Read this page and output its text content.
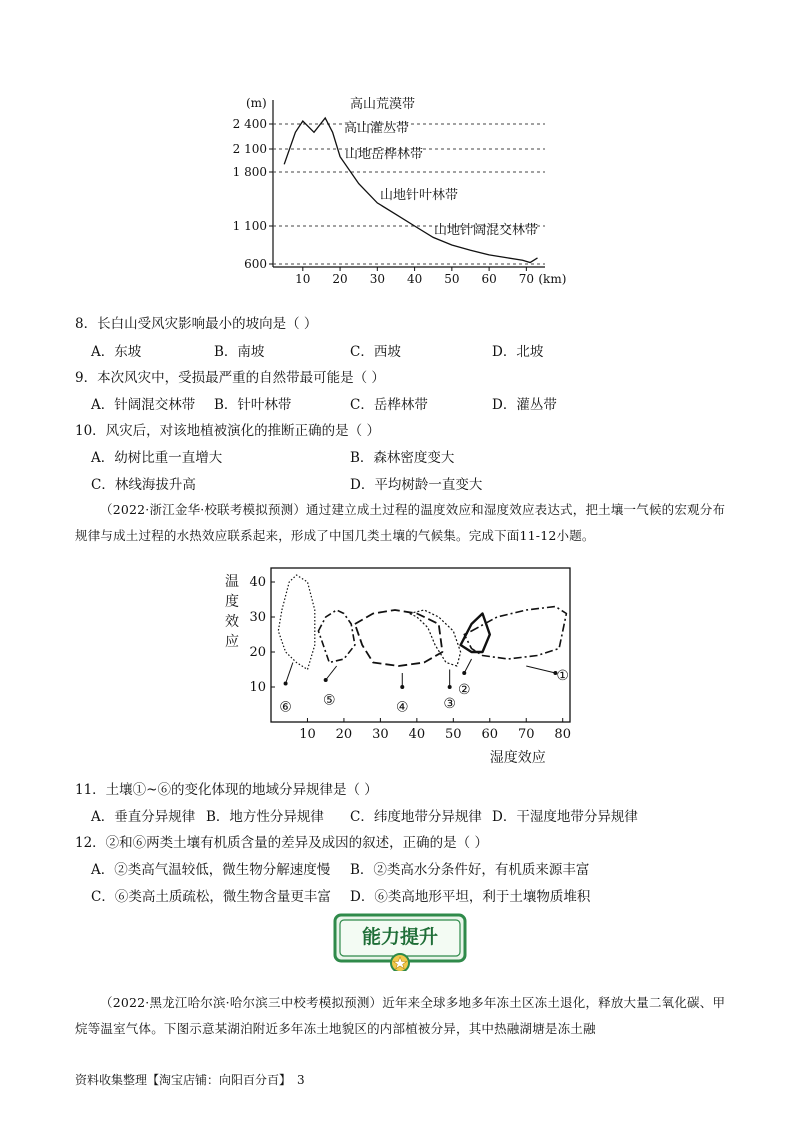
(m)
600
1 100
1 800
2 100
2 400
10 20 30 40 50 60 70 (km)
高山荒漠带
高山灌丛带
山地岳桦林带
山地针叶林带
山地针阔混交林带
8．长白山受风灾影响最小的坡向是（ ）
A．东坡	B．南坡	C．西坡	D．北坡
9．本次风灾中，受损最严重的自然带最可能是（ ）
A．针阔混交林带 B．针叶林带	C．岳桦林带	D．灌丛带
10．风灾后，对该地植被演化的推断正确的是（ ）
A．幼树比重一直增大	B．森林密度变大
C．林线海拔升高	D．平均树龄一直变大
（2022·浙江金华·校联考模拟预测）通过建立成土过程的温度效应和湿度效应表达式，把土壤一气候的宏观分布规律与成土过程的水热效应联系起来，形成了中国几类土壤的气候集。完成下面11-12小题。
10
20
30
40
10 20 30 40 50 60 70 80
湿度效应
温
度
效
应
①
②
③
④
⑤
⑥
11．土壤①~⑥的变化体现的地域分异规律是（ ）
A．垂直分异规律 B．地方性分异规律 C．纬度地带分异规律 D．干湿度地带分异规律
12．②和⑥两类土壤有机质含量的差异及成因的叙述，正确的是（ ）
A．②类高气温较低，微生物分解速度慢 B．②类高水分条件好，有机质来源丰富
C．⑥类高土质疏松，微生物含量更丰富 D．⑥类高地形平坦，利于土壤物质堆积
能力提升
（2022·黑龙江哈尔滨·哈尔滨三中校考模拟预测）近年来全球多地多年冻土区冻土退化，释放大量二氧化碳、甲烷等温室气体。下图示意某湖泊附近多年冻土地貌区的内部植被分异，其中热融湖塘是冻土融
资料收集整理【淘宝店铺：向阳百分百】　3
